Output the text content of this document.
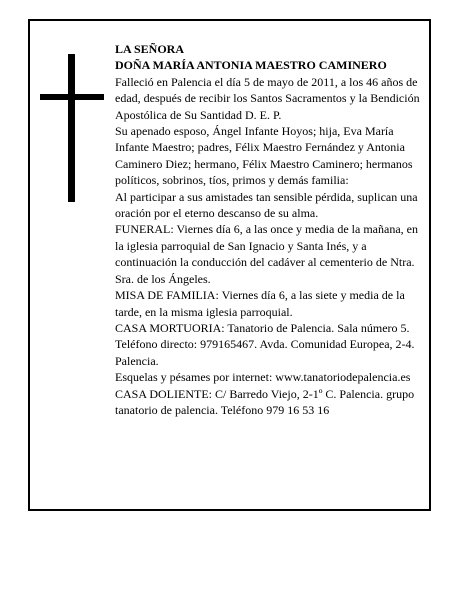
LA SEÑORA

DOÑA MARÍA ANTONIA MAESTRO CAMINERO

Falleció en Palencia el día 5 de mayo de 2011, a los 46 años de edad, después de recibir los Santos Sacramentos y la Bendición Apostólica de Su Santidad D. E. P.

Su apenado esposo, Ángel Infante Hoyos; hija, Eva María Infante Maestro; padres, Félix Maestro Fernández y Antonia Caminero Diez; hermano, Félix Maestro Caminero; hermanos políticos, sobrinos, tíos, primos y demás familia:

Al participar a sus amistades tan sensible pérdida, suplican una oración por el eterno descanso de su alma.

FUNERAL: Viernes día 6, a las once y media de la mañana, en la iglesia parroquial de San Ignacio y Santa Inés, y a continuación la conducción del cadáver al cementerio de Ntra. Sra. de los Ángeles.

MISA DE FAMILIA: Viernes día 6, a las siete y media de la tarde, en la misma iglesia parroquial.

CASA MORTUORIA: Tanatorio de Palencia. Sala número 5. Teléfono directo: 979165467. Avda. Comunidad Europea, 2-4. Palencia.

Esquelas y pésames por internet: www.tanatoriodepalencia.es

CASA DOLIENTE: C/ Barredo Viejo, 2-1º C. Palencia. grupo tanatorio de palencia. Teléfono 979 16 53 16
